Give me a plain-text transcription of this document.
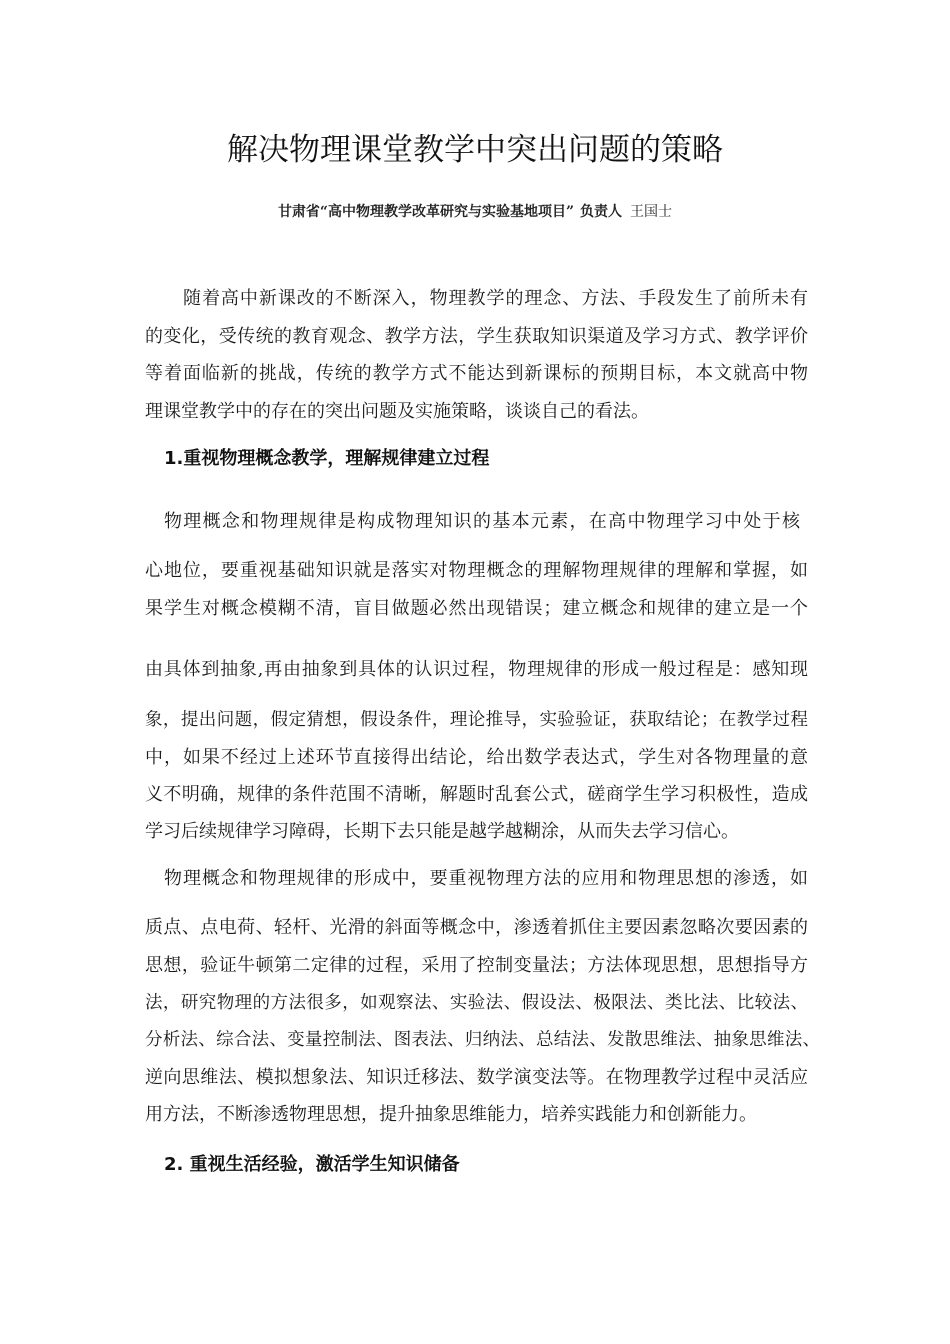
解决物理课堂教学中突出问题的策略
甘肃省“高中物理教学改革研究与实验基地项目” 负责人 王国士
随着高中新课改的不断深入，物理教学的理念、方法、手段发生了前所未有
的变化，受传统的教育观念、教学方法，学生获取知识渠道及学习方式、教学评价
等着面临新的挑战，传统的教学方式不能达到新课标的预期目标，本文就高中物
理课堂教学中的存在的突出问题及实施策略，谈谈自己的看法。
1.重视物理概念教学，理解规律建立过程
物理概念和物理规律是构成物理知识的基本元素，在高中物理学习中处于核
心地位，要重视基础知识就是落实对物理概念的理解物理规律的理解和掌握，如
果学生对概念模糊不清，盲目做题必然出现错误；建立概念和规律的建立是一个
由具体到抽象,再由抽象到具体的认识过程，物理规律的形成一般过程是：感知现
象，提出问题，假定猜想，假设条件，理论推导，实验验证，获取结论；在教学过程
中，如果不经过上述环节直接得出结论，给出数学表达式，学生对各物理量的意
义不明确，规律的条件范围不清晰，解题时乱套公式，磋商学生学习积极性，造成
学习后续规律学习障碍，长期下去只能是越学越糊涂，从而失去学习信心。
物理概念和物理规律的形成中，要重视物理方法的应用和物理思想的渗透，如
质点、点电荷、轻杆、光滑的斜面等概念中，渗透着抓住主要因素忽略次要因素的
思想，验证牛顿第二定律的过程，采用了控制变量法；方法体现思想，思想指导方
法，研究物理的方法很多，如观察法、实验法、假设法、极限法、类比法、比较法、
分析法、综合法、变量控制法、图表法、归纳法、总结法、发散思维法、抽象思维法、
逆向思维法、模拟想象法、知识迁移法、数学演变法等。在物理教学过程中灵活应
用方法，不断渗透物理思想，提升抽象思维能力，培养实践能力和创新能力。
2. 重视生活经验，激活学生知识储备
